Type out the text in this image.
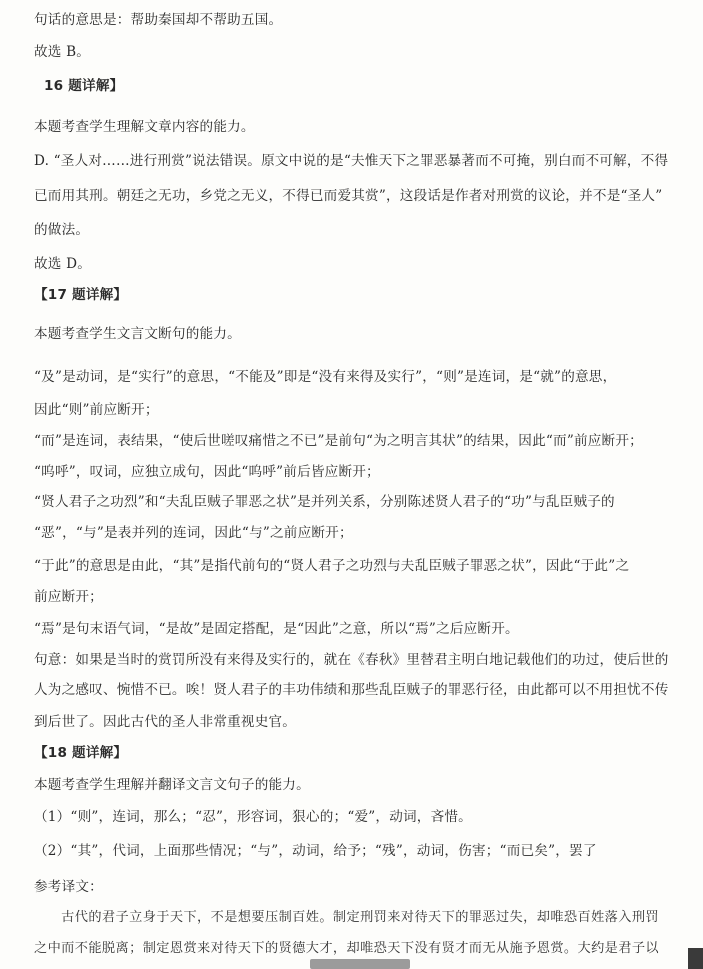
句话的意思是：帮助秦国却不帮助五国。
故选 B。
16 题详解】
本题考查学生理解文章内容的能力。
D. “圣人对……进行刑赏”说法错误。原文中说的是“夫惟天下之罪恶暴著而不可掩，别白而不可解，不得
已而用其刑。朝廷之无功，乡党之无义，不得已而爱其赏”，这段话是作者对刑赏的议论，并不是“圣人”
的做法。
故选 D。
【17 题详解】
本题考查学生文言文断句的能力。
“及”是动词，是“实行”的意思，“不能及”即是“没有来得及实行”，“则”是连词，是“就”的意思，
因此“则”前应断开；
“而”是连词，表结果，“使后世嗟叹痛惜之不已”是前句“为之明言其状”的结果，因此“而”前应断开；
“呜呼”，叹词，应独立成句，因此“呜呼”前后皆应断开；
“贤人君子之功烈”和“夫乱臣贼子罪恶之状”是并列关系，分别陈述贤人君子的“功”与乱臣贼子的
“恶”，“与”是表并列的连词，因此“与”之前应断开；
“于此”的意思是由此，“其”是指代前句的“贤人君子之功烈与夫乱臣贼子罪恶之状”，因此“于此”之
前应断开；
“焉”是句末语气词，“是故”是固定搭配，是“因此”之意，所以“焉”之后应断开。
句意：如果是当时的赏罚所没有来得及实行的，就在《春秋》里替君主明白地记载他们的功过，使后世的
人为之感叹、惋惜不已。唉！贤人君子的丰功伟绩和那些乱臣贼子的罪恶行径，由此都可以不用担忧不传
到后世了。因此古代的圣人非常重视史官。
【18 题详解】
本题考查学生理解并翻译文言文句子的能力。
（1）“则”，连词，那么；“忍”，形容词，狠心的；“爱”，动词，吝惜。
（2）“其”，代词，上面那些情况；“与”，动词，给予；“残”，动词，伤害；“而已矣”，罢了
参考译文：
　　古代的君子立身于天下，不是想要压制百姓。制定刑罚来对待天下的罪恶过失，却唯恐百姓落入刑罚
之中而不能脱离；制定恩赏来对待天下的贤德大才，却唯恐天下没有贤才而无从施予恩赏。大约是君子以
